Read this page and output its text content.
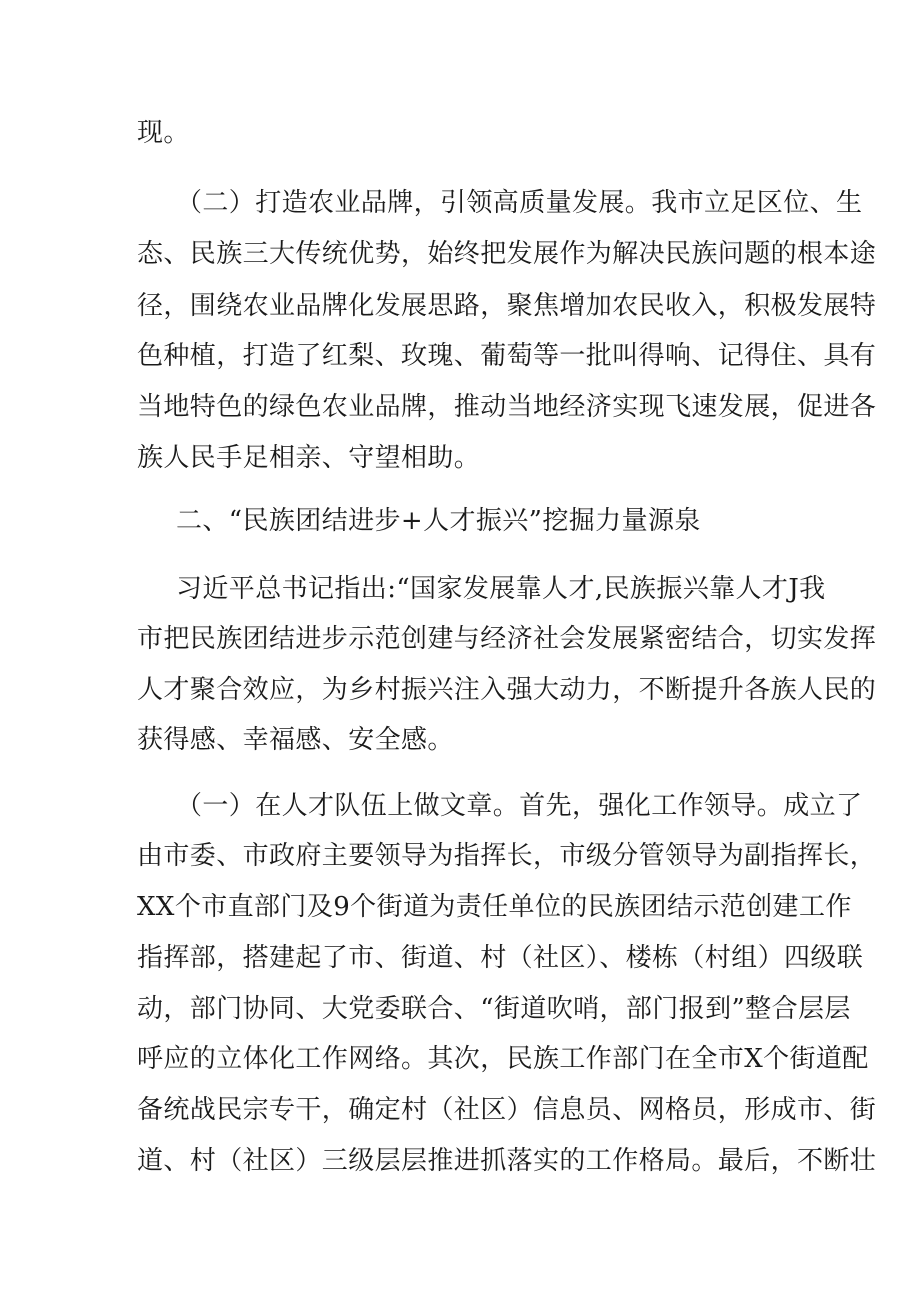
现。
（二）打造农业品牌，引领高质量发展。我市立足区位、生
态、民族三大传统优势，始终把发展作为解决民族问题的根本途
径，围绕农业品牌化发展思路，聚焦增加农民收入，积极发展特
色种植，打造了红梨、玫瑰、葡萄等一批叫得响、记得住、具有
当地特色的绿色农业品牌，推动当地经济实现飞速发展，促进各
族人民手足相亲、守望相助。
二、“民族团结进步+人才振兴”挖掘力量源泉
习近平总书记指出:“国家发展靠人才,民族振兴靠人才J我
市把民族团结进步示范创建与经济社会发展紧密结合，切实发挥
人才聚合效应，为乡村振兴注入强大动力，不断提升各族人民的
获得感、幸福感、安全感。
（一）在人才队伍上做文章。首先，强化工作领导。成立了
由市委、市政府主要领导为指挥长，市级分管领导为副指挥长，
XX个市直部门及9个街道为责任单位的民族团结示范创建工作
指挥部，搭建起了市、街道、村（社区）、楼栋（村组）四级联
动，部门协同、大党委联合、“街道吹哨，部门报到”整合层层
呼应的立体化工作网络。其次，民族工作部门在全市X个街道配
备统战民宗专干，确定村（社区）信息员、网格员，形成市、街
道、村（社区）三级层层推进抓落实的工作格局。最后，不断壮
